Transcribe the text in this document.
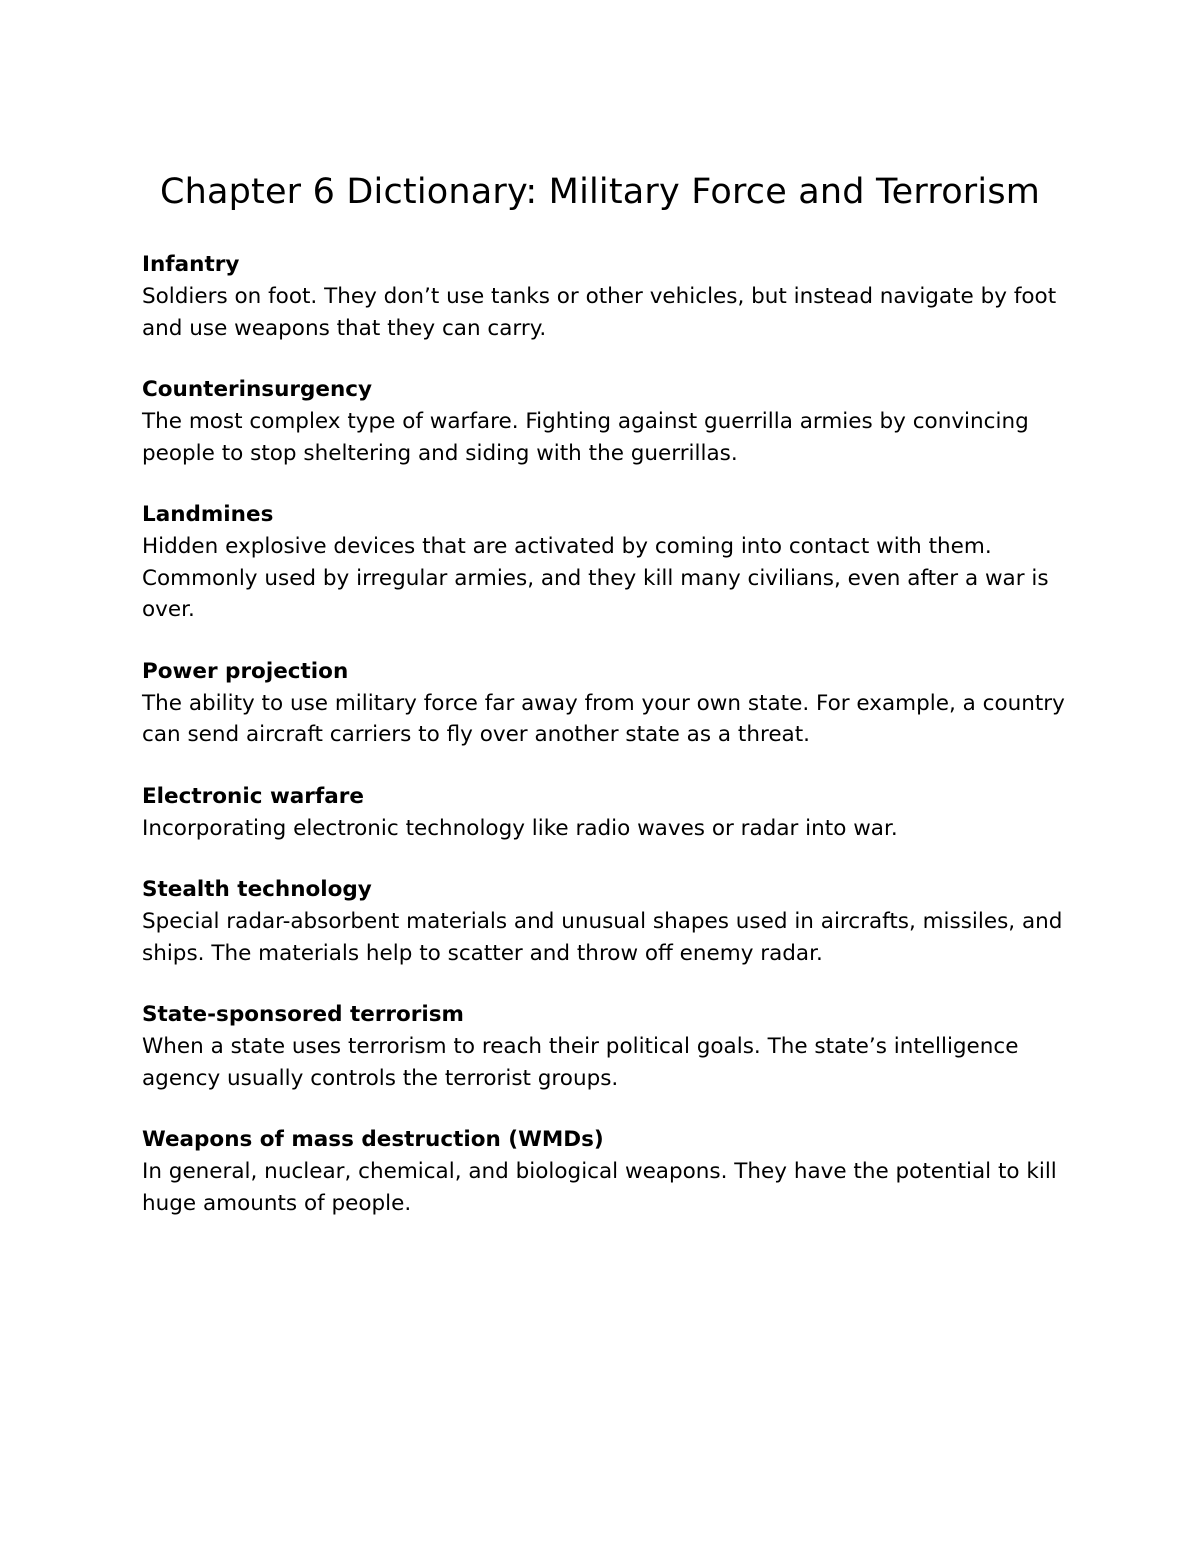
Chapter 6 Dictionary: Military Force and Terrorism

Infantry

Soldiers on foot. They don’t use tanks or other vehicles, but instead navigate by foot and use weapons that they can carry.

Counterinsurgency

The most complex type of warfare. Fighting against guerrilla armies by convincing people to stop sheltering and siding with the guerrillas.

Landmines

Hidden explosive devices that are activated by coming into contact with them. Commonly used by irregular armies, and they kill many civilians, even after a war is over.

Power projection

The ability to use military force far away from your own state. For example, a country can send aircraft carriers to fly over another state as a threat.

Electronic warfare

Incorporating electronic technology like radio waves or radar into war.

Stealth technology

Special radar-absorbent materials and unusual shapes used in aircrafts, missiles, and ships. The materials help to scatter and throw off enemy radar.

State-sponsored terrorism

When a state uses terrorism to reach their political goals. The state’s intelligence agency usually controls the terrorist groups.

Weapons of mass destruction (WMDs)

In general, nuclear, chemical, and biological weapons. They have the potential to kill huge amounts of people.
